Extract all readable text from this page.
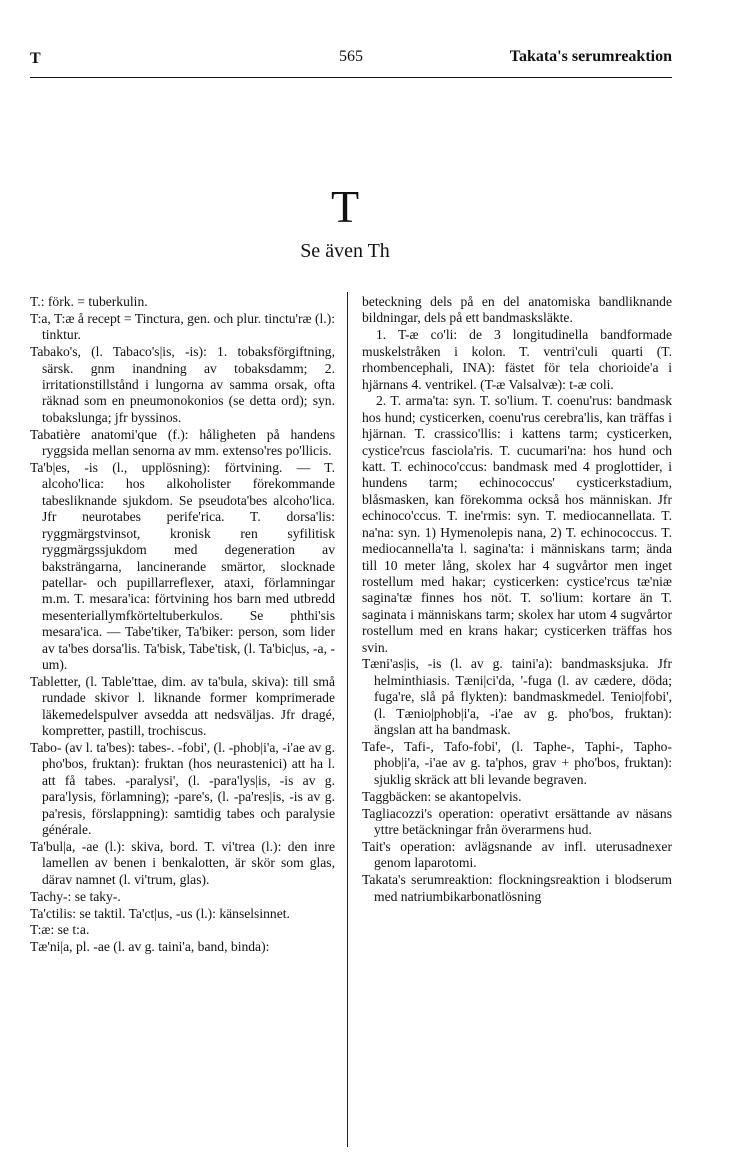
T	565	Takata's serumreaktion
T
Se även Th

T.: förk. = tuberkulin.

T:a, T:æ å recept = Tinctura, gen. och plur. tinctu'ræ (l.): tinktur.

Tabako's, (l. Tabaco's|is, -is): 1. tobaksförgiftning, särsk. gnm inandning av tobaksdamm; 2. irritationstillstånd i lungorna av samma orsak, ofta räknad som en pneumonokonios (se detta ord); syn. tobakslunga; jfr byssinos.

Tabatière anatomi'que (f.): håligheten på handens ryggsida mellan senorna av mm. extenso'res po'llicis.

Ta'b|es, -is (l., upplösning): förtvining. — T. alcoho'lica: hos alkoholister förekommande tabesliknande sjukdom. Se pseudota'bes alcoho'lica. Jfr neurotabes perife'rica. T. dorsa'lis: ryggmärgstvinsot, kronisk ren syfilitisk ryggmärgssjukdom med degeneration av baksträngarna, lancinerande smärtor, slocknade patellar- och pupillarreflexer, ataxi, förlamningar m.m. T. mesara'ica: förtvining hos barn med utbredd mesenteriallymfkörteltuberkulos. Se phthi'sis mesara'ica. — Tabe'tiker, Ta'biker: person, som lider av ta'bes dorsa'lis. Ta'bisk, Tabe'tisk, (l. Ta'bic|us, -a, -um).

Tabletter, (l. Table'ttae, dim. av ta'bula, skiva): till små rundade skivor l. liknande former komprimerade läkemedelspulver avsedda att nedsväljas. Jfr dragé, kompretter, pastill, trochiscus.

Tabo- (av l. ta'bes): tabes-. -fobi', (l. -phob|i'a, -i'ae av g. pho'bos, fruktan): fruktan (hos neurastenici) att ha l. att få tabes. -paralysi', (l. -para'lys|is, -is av g. para'lysis, förlamning); -pare's, (l. -pa'res|is, -is av g. pa'resis, förslappning): samtidig tabes och paralysie générale.

Ta'bul|a, -ae (l.): skiva, bord. T. vi'trea (l.): den inre lamellen av benen i benkalotten, är skör som glas, därav namnet (l. vi'trum, glas).

Tachy-: se taky-.

Ta'ctilis: se taktil. Ta'ct|us, -us (l.): känselsinnet.

T:æ: se t:a.

Tæ'ni|a, pl. -ae (l. av g. taini'a, band, binda):

beteckning dels på en del anatomiska bandliknande bildningar, dels på ett bandmasksläkte.

1. T-æ co'li: de 3 longitudinella bandformade muskelstråken i kolon. T. ventri'culi quarti (T. rhombencephali, INA): fästet för tela chorioide'a i hjärnans 4. ventrikel. (T-æ Valsalvæ): t-æ coli.

2. T. arma'ta: syn. T. so'lium. T. coenu'rus: bandmask hos hund; cysticerken, coenu'rus cerebra'lis, kan träffas i hjärnan. T. crassico'llis: i kattens tarm; cysticerken, cystice'rcus fasciola'ris. T. cucumari'na: hos hund och katt. T. echinoco'ccus: bandmask med 4 proglottider, i hundens tarm; echinococcus' cysticerkstadium, blåsmasken, kan förekomma också hos människan. Jfr echinoco'ccus. T. ine'rmis: syn. T. mediocannellata. T. na'na: syn. 1) Hymenolepis nana, 2) T. echinococcus. T. mediocannella'ta l. sagina'ta: i människans tarm; ända till 10 meter lång, skolex har 4 sugvårtor men inget rostellum med hakar; cysticerken: cystice'rcus tæ'niæ sagina'tæ finnes hos nöt. T. so'lium: kortare än T. saginata i människans tarm; skolex har utom 4 sugvårtor rostellum med en krans hakar; cysticerken träffas hos svin.

Tæni'as|is, -is (l. av g. taini'a): bandmasksjuka. Jfr helminthiasis. Tæni|ci'da, '-fuga (l. av cædere, döda; fuga're, slå på flykten): bandmaskmedel. Tenio|fobi', (l. Tænio|phob|i'a, -i'ae av g. pho'bos, fruktan): ängslan att ha bandmask.

Tafe-, Tafi-, Tafo-fobi', (l. Taphe-, Taphi-, Tapho-phob|i'a, -i'ae av g. ta'phos, grav + pho'bos, fruktan): sjuklig skräck att bli levande begraven.

Taggbäcken: se akantopelvis.

Tagliacozzi's operation: operativt ersättande av näsans yttre betäckningar från överarmens hud.

Tait's operation: avlägsnande av infl. uterusadnexer genom laparotomi.

Takata's serumreaktion: flockningsreaktion i blodserum med natriumbikarbonatlösning
